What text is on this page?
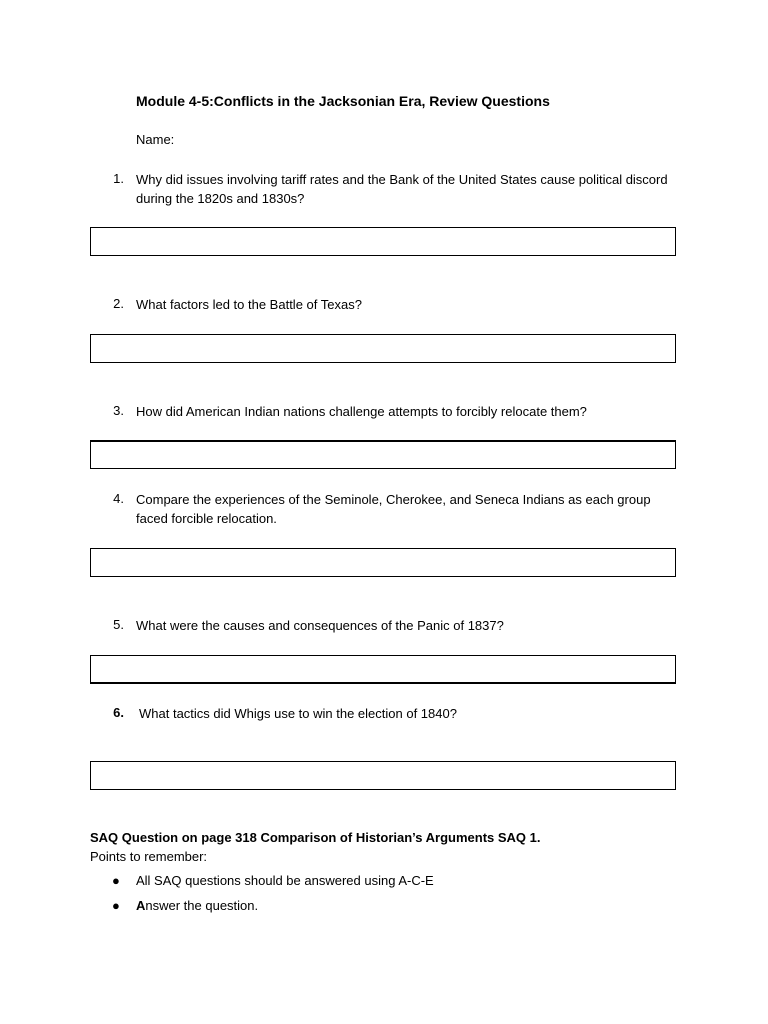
Module 4-5:Conflicts in the Jacksonian Era, Review Questions
Name:
1. Why did issues involving tariff rates and the Bank of the United States cause political discord during the 1820s and 1830s?
2. What factors led to the Battle of Texas?
3. How did American Indian nations challenge attempts to forcibly relocate them?
4. Compare the experiences of the Seminole, Cherokee, and Seneca Indians as each group faced forcible relocation.
5. What were the causes and consequences of the Panic of 1837?
6. What tactics did Whigs use to win the election of 1840?
SAQ Question on page 318 Comparison of Historian’s Arguments SAQ 1.
Points to remember:
● All SAQ questions should be answered using A-C-E
● Answer the question.
